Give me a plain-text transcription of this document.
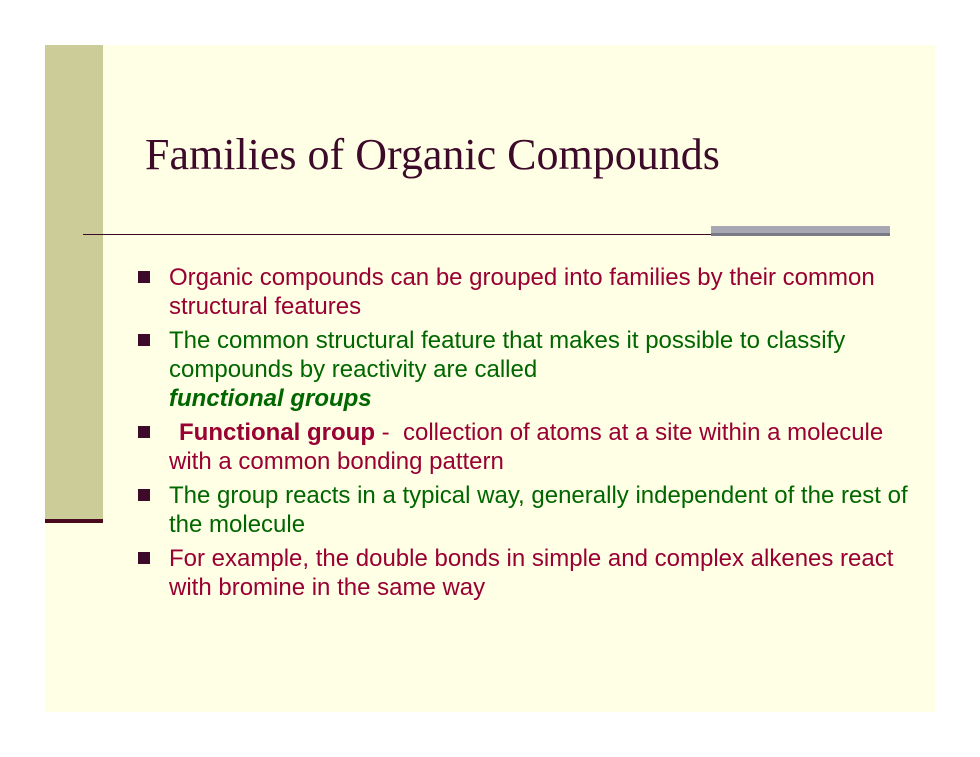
Families of Organic Compounds
Organic compounds can be grouped into families by their common structural features
The common structural feature that makes it possible to classify compounds by reactivity are called
functional groups
Functional group -  collection of atoms at a site within a molecule with a common bonding pattern
The group reacts in a typical way, generally independent of the rest of the molecule
For example, the double bonds in simple and complex alkenes react with bromine in the same way
